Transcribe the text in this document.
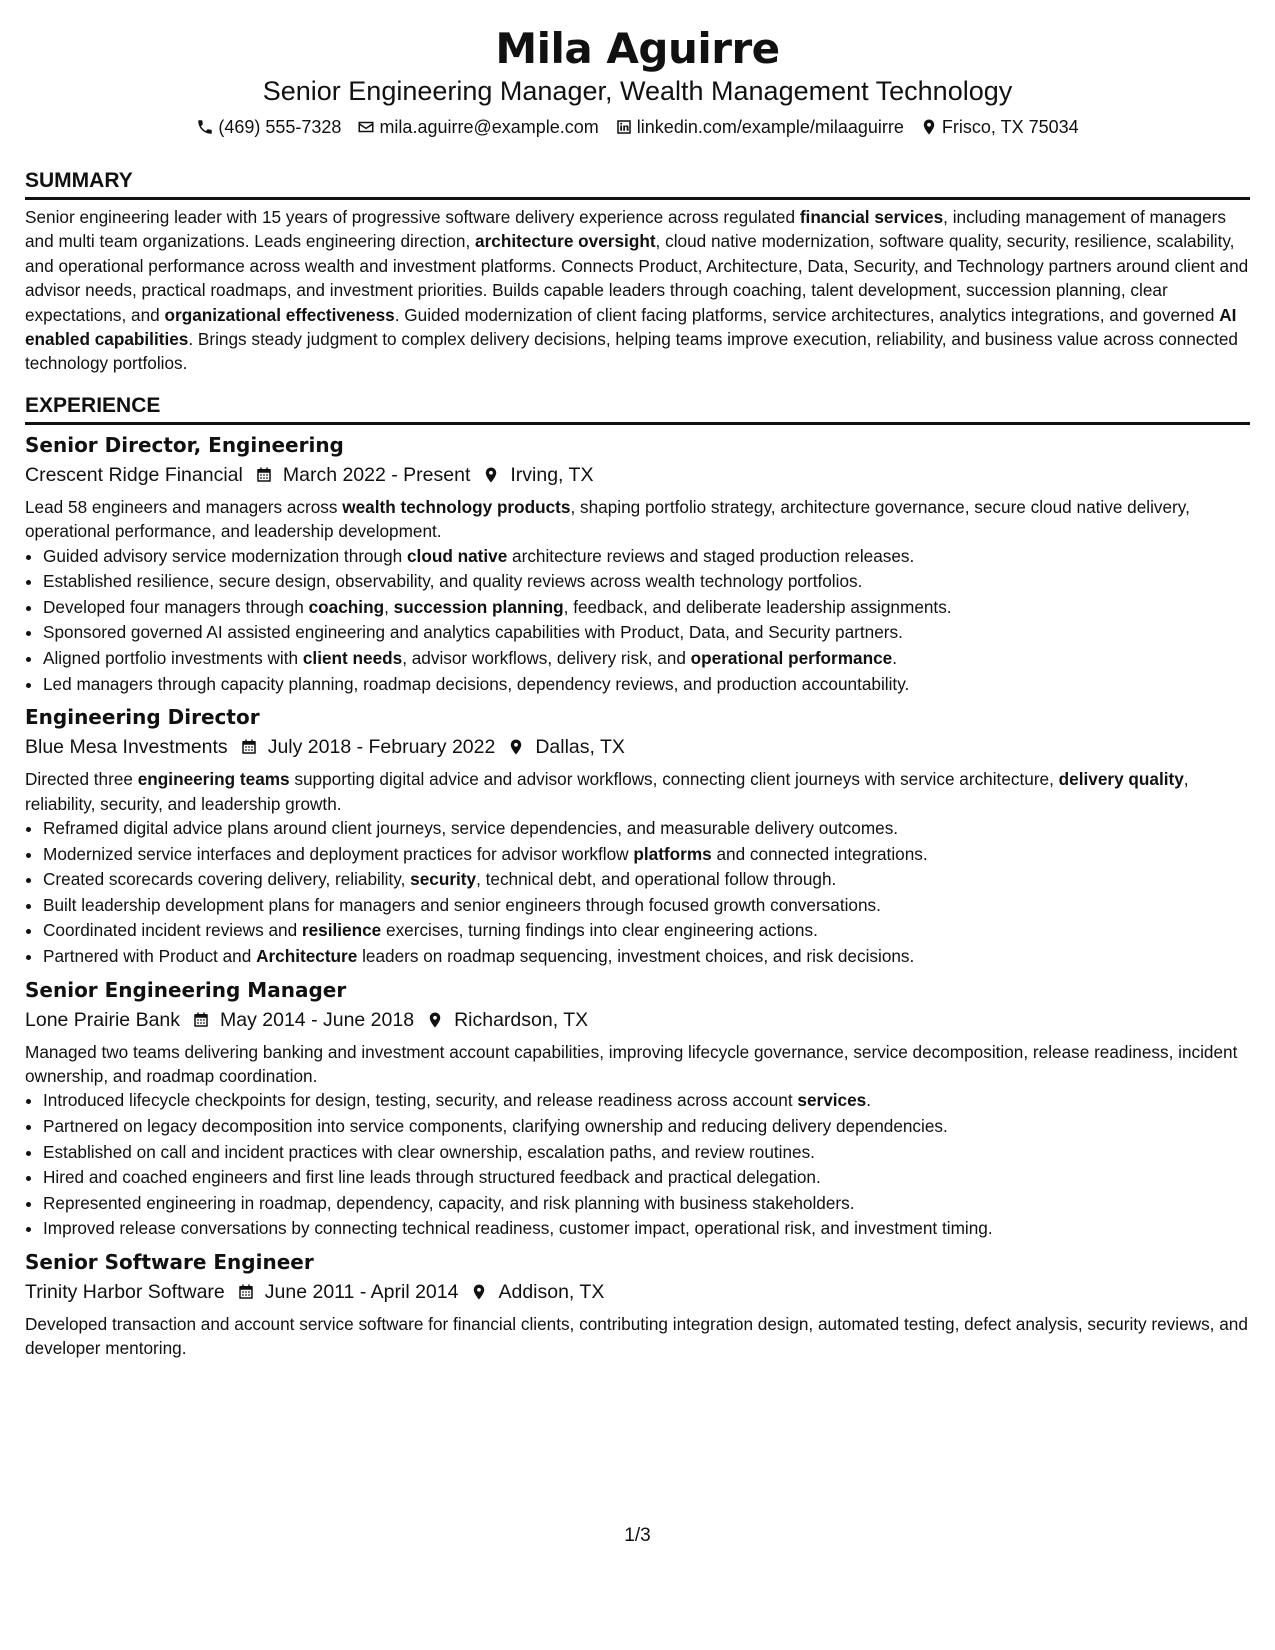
Mila Aguirre
Senior Engineering Manager, Wealth Management Technology
(469) 555-7328 mila.aguirre@example.com linkedin.com/example/milaaguirre Frisco, TX 75034
SUMMARY

Senior engineering leader with 15 years of progressive software delivery experience across regulated financial services, including management of managers and multi team organizations. Leads engineering direction, architecture oversight, cloud native modernization, software quality, security, resilience, scalability, and operational performance across wealth and investment platforms. Connects Product, Architecture, Data, Security, and Technology partners around client and advisor needs, practical roadmaps, and investment priorities. Builds capable leaders through coaching, talent development, succession planning, clear expectations, and organizational effectiveness. Guided modernization of client facing platforms, service architectures, analytics integrations, and governed AI enabled capabilities. Brings steady judgment to complex delivery decisions, helping teams improve execution, reliability, and business value across connected technology portfolios.

EXPERIENCE
Senior Director, Engineering
Crescent Ridge Financial March 2022 - Present Irving, TX

Lead 58 engineers and managers across wealth technology products, shaping portfolio strategy, architecture governance, secure cloud native delivery, operational performance, and leadership development.

• Guided advisory service modernization through cloud native architecture reviews and staged production releases.
• Established resilience, secure design, observability, and quality reviews across wealth technology portfolios.
• Developed four managers through coaching, succession planning, feedback, and deliberate leadership assignments.
• Sponsored governed AI assisted engineering and analytics capabilities with Product, Data, and Security partners.
• Aligned portfolio investments with client needs, advisor workflows, delivery risk, and operational performance.
• Led managers through capacity planning, roadmap decisions, dependency reviews, and production accountability.
Engineering Director
Blue Mesa Investments July 2018 - February 2022 Dallas, TX

Directed three engineering teams supporting digital advice and advisor workflows, connecting client journeys with service architecture, delivery quality, reliability, security, and leadership growth.

• Reframed digital advice plans around client journeys, service dependencies, and measurable delivery outcomes.
• Modernized service interfaces and deployment practices for advisor workflow platforms and connected integrations.
• Created scorecards covering delivery, reliability, security, technical debt, and operational follow through.
• Built leadership development plans for managers and senior engineers through focused growth conversations.
• Coordinated incident reviews and resilience exercises, turning findings into clear engineering actions.
• Partnered with Product and Architecture leaders on roadmap sequencing, investment choices, and risk decisions.
Senior Engineering Manager
Lone Prairie Bank May 2014 - June 2018 Richardson, TX

Managed two teams delivering banking and investment account capabilities, improving lifecycle governance, service decomposition, release readiness, incident ownership, and roadmap coordination.

• Introduced lifecycle checkpoints for design, testing, security, and release readiness across account services.
• Partnered on legacy decomposition into service components, clarifying ownership and reducing delivery dependencies.
• Established on call and incident practices with clear ownership, escalation paths, and review routines.
• Hired and coached engineers and first line leads through structured feedback and practical delegation.
• Represented engineering in roadmap, dependency, capacity, and risk planning with business stakeholders.
• Improved release conversations by connecting technical readiness, customer impact, operational risk, and investment timing.
Senior Software Engineer
Trinity Harbor Software June 2011 - April 2014 Addison, TX

Developed transaction and account service software for financial clients, contributing integration design, automated testing, defect analysis, security reviews, and developer mentoring.

1/3
